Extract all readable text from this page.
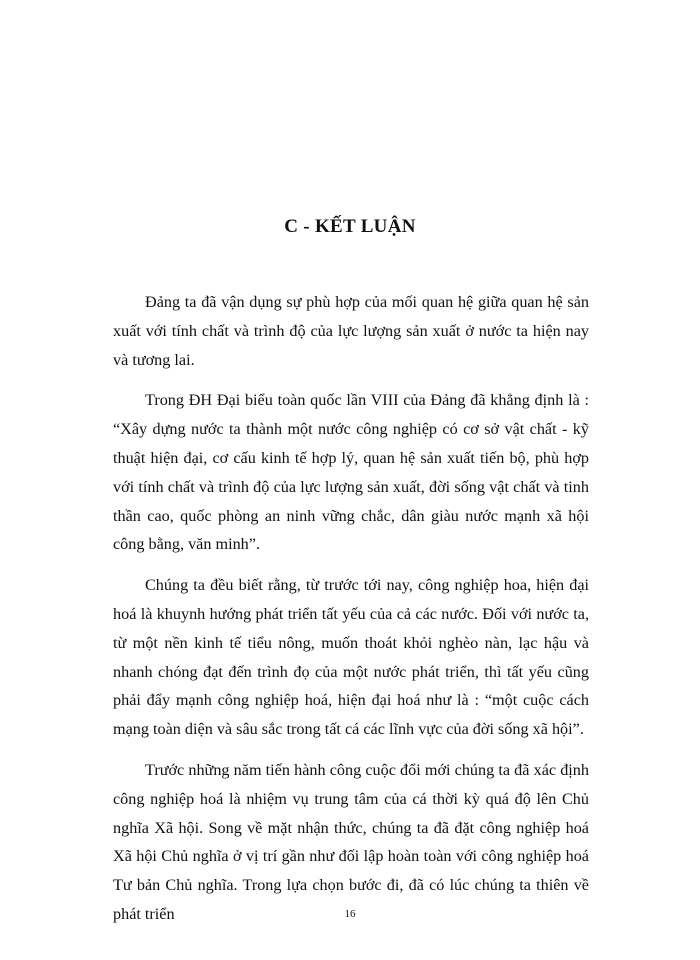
C - KẾT LUẬN

Đảng ta đã vận dụng sự phù hợp của mối quan hệ giữa quan hệ sản xuất với tính chất và trình độ của lực lượng sản xuất ở nước ta hiện nay và tương lai.

Trong ĐH Đại biểu toàn quốc lần VIII của Đảng đã khẳng định là : “Xây dựng nước ta thành một nước công nghiệp có cơ sở vật chất - kỹ thuật hiện đại, cơ cấu kinh tế hợp lý, quan hệ sản xuất tiến bộ, phù hợp với tính chất và trình độ của lực lượng sản xuất, đời sống vật chất và tinh thần cao, quốc phòng an ninh vững chắc, dân giàu nước mạnh xã hội công bằng, văn minh”.

Chúng ta đều biết rằng, từ trước tới nay, công nghiệp hoa, hiện đại hoá là khuynh hướng phát triển tất yếu của cả các nước. Đối với nước ta, từ một nền kinh tế tiểu nông, muốn thoát khỏi nghèo nàn, lạc hậu và nhanh chóng đạt đến trình đọ của một nước phát triển, thì tất yếu cũng phải đẩy mạnh công nghiệp hoá, hiện đại hoá như là : “một cuộc cách mạng toàn diện và sâu sắc trong tất cá các lĩnh vực của đời sống xã hội”.

Trước những năm tiến hành công cuộc đổi mới chúng ta đã xác định công nghiệp hoá là nhiệm vụ trung tâm của cá thời kỳ quá độ lên Chủ nghĩa Xã hội. Song về mặt nhận thức, chúng ta đã đặt công nghiệp hoá Xã hội Chủ nghĩa ở vị trí gần như đối lập hoàn toàn với công nghiệp hoá Tư bản Chủ nghĩa. Trong lựa chọn bước đi, đã có lúc chúng ta thiên về phát triển	16
